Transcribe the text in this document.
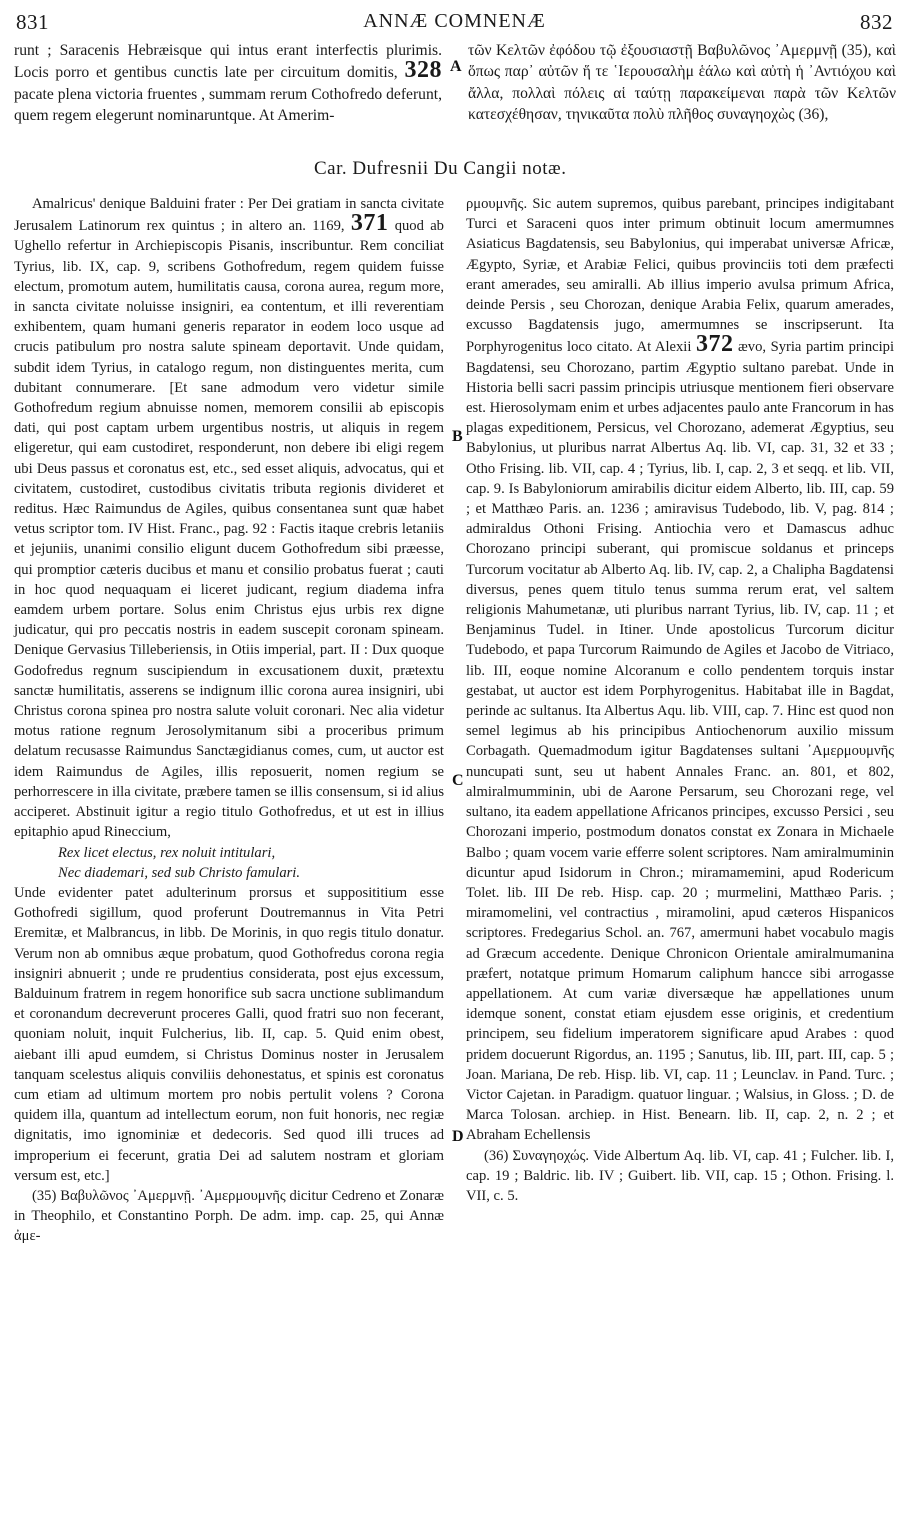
831	ANNÆ COMNENÆ	832

runt ; Saracenis Hebræisque qui intus erant interfectis plurimis. Locis porro et gentibus cunctis late per circuitum domitis, 328 pacate plena victoria fruentes , summam rerum Cothofredo deferunt, quem regem elegerunt nominaruntque. At Amerim-

A

τῶν Κελτῶν ἐφόδου τῷ ἐξουσιαστῇ Βαβυλῶνος ᾿Αμερμνῇ (35), καὶ ὅπως παρ᾽ αὐτῶν ἥ τε ῾Ιερουσαλὴμ ἑάλω καὶ αὐτὴ ἡ ᾽Αντιόχου καὶ ἄλλα, πολλαὶ πόλεις αἱ ταύτῃ παρακείμεναι παρὰ τῶν Κελτῶν κατεσχέθησαν, τηνικαῦτα πολὺ πλῆθος συναγηοχὼς (36),

Car. Dufresnii Du Cangii notæ.

Amalricus' denique Balduini frater : Per Dei gratiam in sancta civitate Jerusalem Latinorum rex quintus ; in altero an. 1169, 371 quod ab Ughello refertur in Archiepiscopis Pisanis, inscribuntur. Rem conciliat Tyrius, lib. IX, cap. 9, scribens Gothofredum, regem quidem fuisse electum, promotum autem, humilitatis causa, corona aurea, regum more, in sancta civitate noluisse insigniri, ea contentum, et illi reverentiam exhibentem, quam humani generis reparator in eodem loco usque ad crucis patibulum pro nostra salute spineam deportavit. Unde quidam, subdit idem Tyrius, in catalogo regum, non distinguentes merita, cum dubitant connumerare. [Et sane admodum vero videtur simile Gothofredum regium abnuisse nomen, memorem consilii ab episcopis dati, qui post captam urbem urgentibus nostris, ut aliquis in regem eligeretur, qui eam custodiret, responderunt, non debere ibi eligi regem ubi Deus passus et coronatus est, etc., sed esset aliquis, advocatus, qui et civitatem, custodiret, custodibus civitatis tributa regionis divideret et reditus. Hæc Raimundus de Agiles, quibus consentanea sunt quæ habet vetus scriptor tom. IV Hist. Franc., pag. 92 : Factis itaque crebris letaniis et jejuniis, unanimi consilio eligunt ducem Gothofredum sibi præesse, qui promptior cæteris ducibus et manu et consilio probatus fuerat ; cauti in hoc quod nequaquam ei liceret judicant, regium diadema infra eamdem urbem portare. Solus enim Christus ejus urbis rex digne judicatur, qui pro peccatis nostris in eadem suscepit coronam spineam. Denique Gervasius Tilleberiensis, in Otiis imperial, part. II : Dux quoque Godofredus regnum suscipiendum in excusationem duxit, prætextu sanctæ humilitatis, asserens se indignum illic corona aurea insigniri, ubi Christus corona spinea pro nostra salute voluit coronari. Nec alia videtur motus ratione regnum Jerosolymitanum sibi a proceribus primum delatum recusasse Raimundus Sanctægidianus comes, cum, ut auctor est idem Raimundus de Agiles, illis reposuerit, nomen regium se perhorrescere in illa civitate, præbere tamen se illis consensum, si id alius acciperet. Abstinuit igitur a regio titulo Gothofredus, et ut est in illius epitaphio apud Rineccium,

Rex licet electus, rex noluit intitulari,

Nec diademari, sed sub Christo famulari.

Unde evidenter patet adulterinum prorsus et supposititium esse Gothofredi sigillum, quod proferunt Doutremannus in Vita Petri Eremitæ, et Malbrancus, in libb. De Morinis, in quo regis titulo donatur. Verum non ab omnibus æque probatum, quod Gothofredus corona regia insigniri abnuerit ; unde re prudentius considerata, post ejus excessum, Balduinum fratrem in regem honorifice sub sacra unctione sublimandum et coronandum decreverunt proceres Galli, quod fratri suo non fecerant, quoniam noluit, inquit Fulcherius, lib. II, cap. 5. Quid enim obest, aiebant illi apud eumdem, si Christus Dominus noster in Jerusalem tanquam scelestus aliquis conviliis dehonestatus, et spinis est coronatus cum etiam ad ultimum mortem pro nobis pertulit volens ? Corona quidem illa, quantum ad intellectum eorum, non fuit honoris, nec regiæ dignitatis, imo ignominiæ et dedecoris. Sed quod illi truces ad improperium ei fecerunt, gratia Dei ad salutem nostram et gloriam versum est, etc.]

(35) Βαβυλῶνος ᾿Αμερμνῇ. ᾿Αμερμουμνῆς dicitur Cedreno et Zonaræ in Theophilo, et Constantino Porph. De adm. imp. cap. 25, qui Annæ ἀμε-

B
C
D

ρμουμνῆς. Sic autem supremos, quibus parebant, principes indigitabant Turci et Saraceni quos inter primum obtinuit locum amermumnes Asiaticus Bagdatensis, seu Babylonius, qui imperabat universæ Africæ, Ægypto, Syriæ, et Arabiæ Felici, quibus provinciis toti dem præfecti erant amerades, seu amiralli. Ab illius imperio avulsa primum Africa, deinde Persis , seu Chorozan, denique Arabia Felix, quarum amerades, excusso Bagdatensis jugo, amermumnes se inscripserunt. Ita Porphyrogenitus loco citato. At Alexii 372 ævo, Syria partim principi Bagdatensi, seu Chorozano, partim Ægyptio sultano parebat. Unde in Historia belli sacri passim principis utriusque mentionem fieri observare est. Hierosolymam enim et urbes adjacentes paulo ante Francorum in has plagas expeditionem, Persicus, vel Chorozano, ademerat Ægyptius, seu Babylonius, ut pluribus narrat Albertus Aq. lib. VI, cap. 31, 32 et 33 ; Otho Frising. lib. VII, cap. 4 ; Tyrius, lib. I, cap. 2, 3 et seqq. et lib. VII, cap. 9. Is Babyloniorum amirabilis dicitur eidem Alberto, lib. III, cap. 59 ; et Matthæo Paris. an. 1236 ; amiravisus Tudebodo, lib. V, pag. 814 ; admiraldus Othoni Frising. Antiochia vero et Damascus adhuc Chorozano principi suberant, qui promiscue soldanus et princeps Turcorum vocitatur ab Alberto Aq. lib. IV, cap. 2, a Chalipha Bagdatensi diversus, penes quem titulo tenus summa rerum erat, vel saltem religionis Mahumetanæ, uti pluribus narrant Tyrius, lib. IV, cap. 11 ; et Benjaminus Tudel. in Itiner. Unde apostolicus Turcorum dicitur Tudebodo, et papa Turcorum Raimundo de Agiles et Jacobo de Vitriaco, lib. III, eoque nomine Alcoranum e collo pendentem torquis instar gestabat, ut auctor est idem Porphyrogenitus. Habitabat ille in Bagdat, perinde ac sultanus. Ita Albertus Aqu. lib. VIII, cap. 7. Hinc est quod non semel legimus ab his principibus Antiochenorum auxilio missum Corbagath. Quemadmodum igitur Bagdatenses sultani ᾿Αμερμουμνῆς nuncupati sunt, seu ut habent Annales Franc. an. 801, et 802, almiralmumminin, ubi de Aarone Persarum, seu Chorozani rege, vel sultano, ita eadem appellatione Africanos principes, excusso Persici , seu Chorozani imperio, postmodum donatos constat ex Zonara in Michaele Balbo ; quam vocem varie efferre solent scriptores. Nam amiralmuminin dicuntur apud Isidorum in Chron.; miramamemini, apud Rodericum Tolet. lib. III De reb. Hisp. cap. 20 ; murmelini, Matthæo Paris. ; miramomelini, vel contractius , miramolini, apud cæteros Hispanicos scriptores. Fredegarius Schol. an. 767, amermuni habet vocabulo magis ad Græcum accedente. Denique Chronicon Orientale amiralmumanina præfert, notatque primum Homarum caliphum hancce sibi arrogasse appellationem. At cum variæ diversæque hæ appellationes unum idemque sonent, constat etiam ejusdem esse originis, et credentium principem, seu fidelium imperatorem significare apud Arabes : quod pridem docuerunt Rigordus, an. 1195 ; Sanutus, lib. III, part. III, cap. 5 ; Joan. Mariana, De reb. Hisp. lib. VI, cap. 11 ; Leunclav. in Pand. Turc. ; Victor Cajetan. in Paradigm. quatuor linguar. ; Walsius, in Gloss. ; D. de Marca Tolosan. archiep. in Hist. Benearn. lib. II, cap. 2, n. 2 ; et Abraham Echellensis

(36) Συναγηοχώς. Vide Albertum Aq. lib. VI, cap. 41 ; Fulcher. lib. I, cap. 19 ; Baldric. lib. IV ; Guibert. lib. VII, cap. 15 ; Othon. Frising. l. VII, c. 5.
